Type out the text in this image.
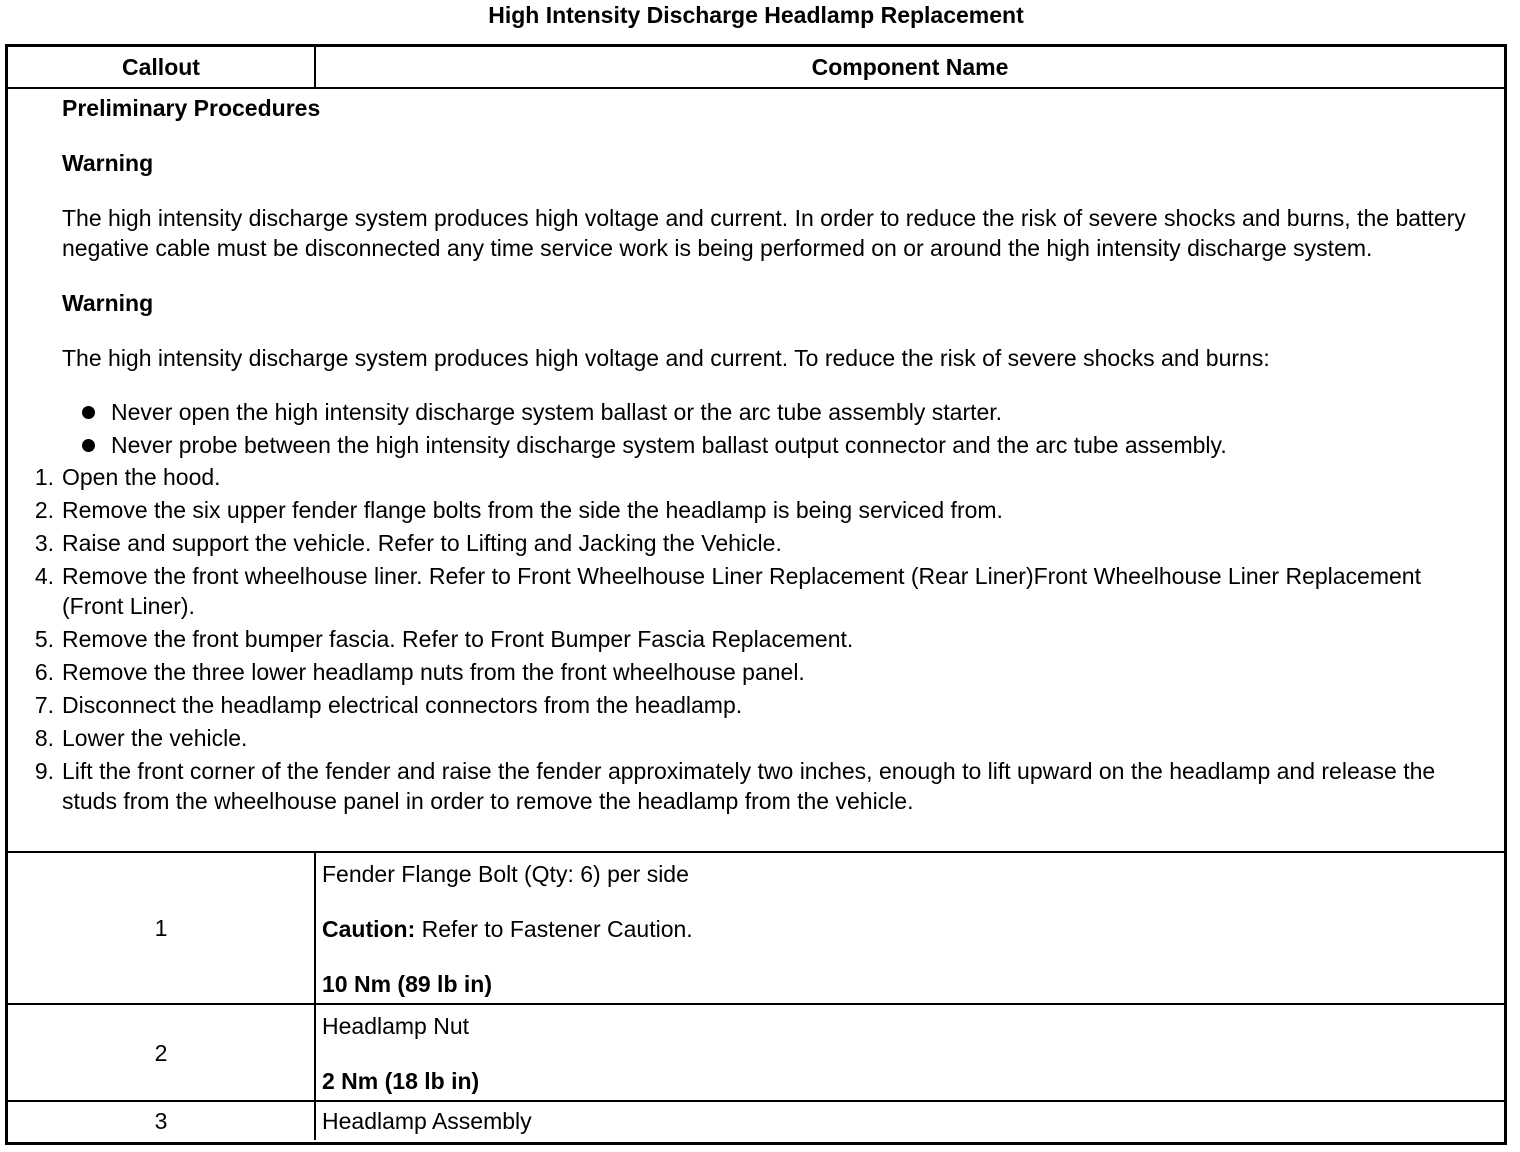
High Intensity Discharge Headlamp Replacement
Callout	Component Name

Preliminary Procedures

Warning

The high intensity discharge system produces high voltage and current. In order to reduce the risk of severe shocks and burns, the battery negative cable must be disconnected any time service work is being performed on or around the high intensity discharge system.

Warning

The high intensity discharge system produces high voltage and current. To reduce the risk of severe shocks and burns:

Never open the high intensity discharge system ballast or the arc tube assembly starter.
Never probe between the high intensity discharge system ballast output connector and the arc tube assembly.
1. Open the hood.
2. Remove the six upper fender flange bolts from the side the headlamp is being serviced from.
3. Raise and support the vehicle. Refer to Lifting and Jacking the Vehicle.
4. Remove the front wheelhouse liner. Refer to Front Wheelhouse Liner Replacement (Rear Liner)Front Wheelhouse Liner Replacement (Front Liner).
5. Remove the front bumper fascia. Refer to Front Bumper Fascia Replacement.
6. Remove the three lower headlamp nuts from the front wheelhouse panel.
7. Disconnect the headlamp electrical connectors from the headlamp.
8. Lower the vehicle.
9. Lift the front corner of the fender and raise the fender approximately two inches, enough to lift upward on the headlamp and release the studs from the wheelhouse panel in order to remove the headlamp from the vehicle.
1

Fender Flange Bolt (Qty: 6) per side

Caution: Refer to Fastener Caution.

10 Nm (89 lb in)

2

Headlamp Nut

2 Nm (18 lb in)

3	Headlamp Assembly
